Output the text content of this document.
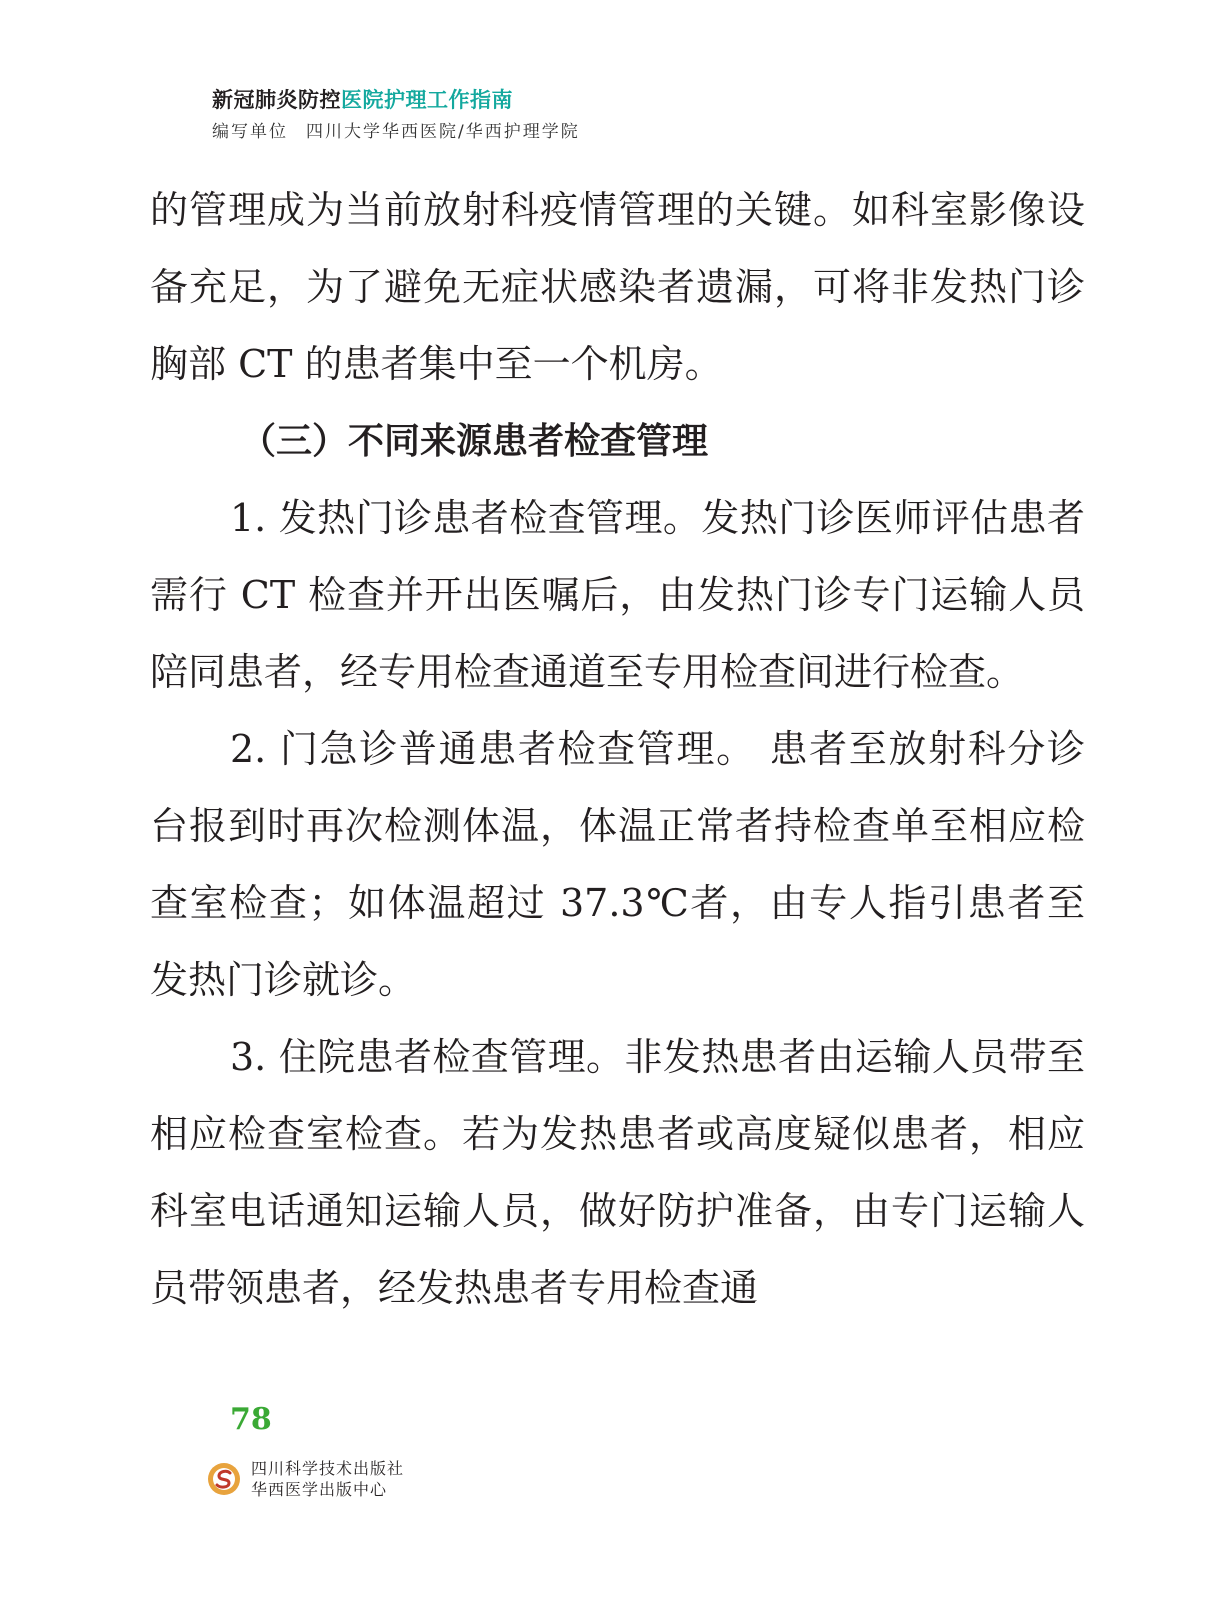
新冠肺炎防控医院护理工作指南
编写单位 四川大学华西医院/华西护理学院

的管理成为当前放射科疫情管理的关键。如科室影像设备充足，为了避免无症状感染者遗漏，可将非发热门诊胸部 CT 的患者集中至一个机房。

（三）不同来源患者检查管理

1. 发热门诊患者检查管理。发热门诊医师评估患者需行 CT 检查并开出医嘱后，由发热门诊专门运输人员陪同患者，经专用检查通道至专用检查间进行检查。

2. 门急诊普通患者检查管理。 患者至放射科分诊台报到时再次检测体温，体温正常者持检查单至相应检查室检查；如体温超过 37.3℃者，由专人指引患者至发热门诊就诊。

3. 住院患者检查管理。非发热患者由运输人员带至相应检查室检查。若为发热患者或高度疑似患者，相应科室电话通知运输人员，做好防护准备，由专门运输人员带领患者，经发热患者专用检查通

78
四川科学技术出版社
华西医学出版中心
